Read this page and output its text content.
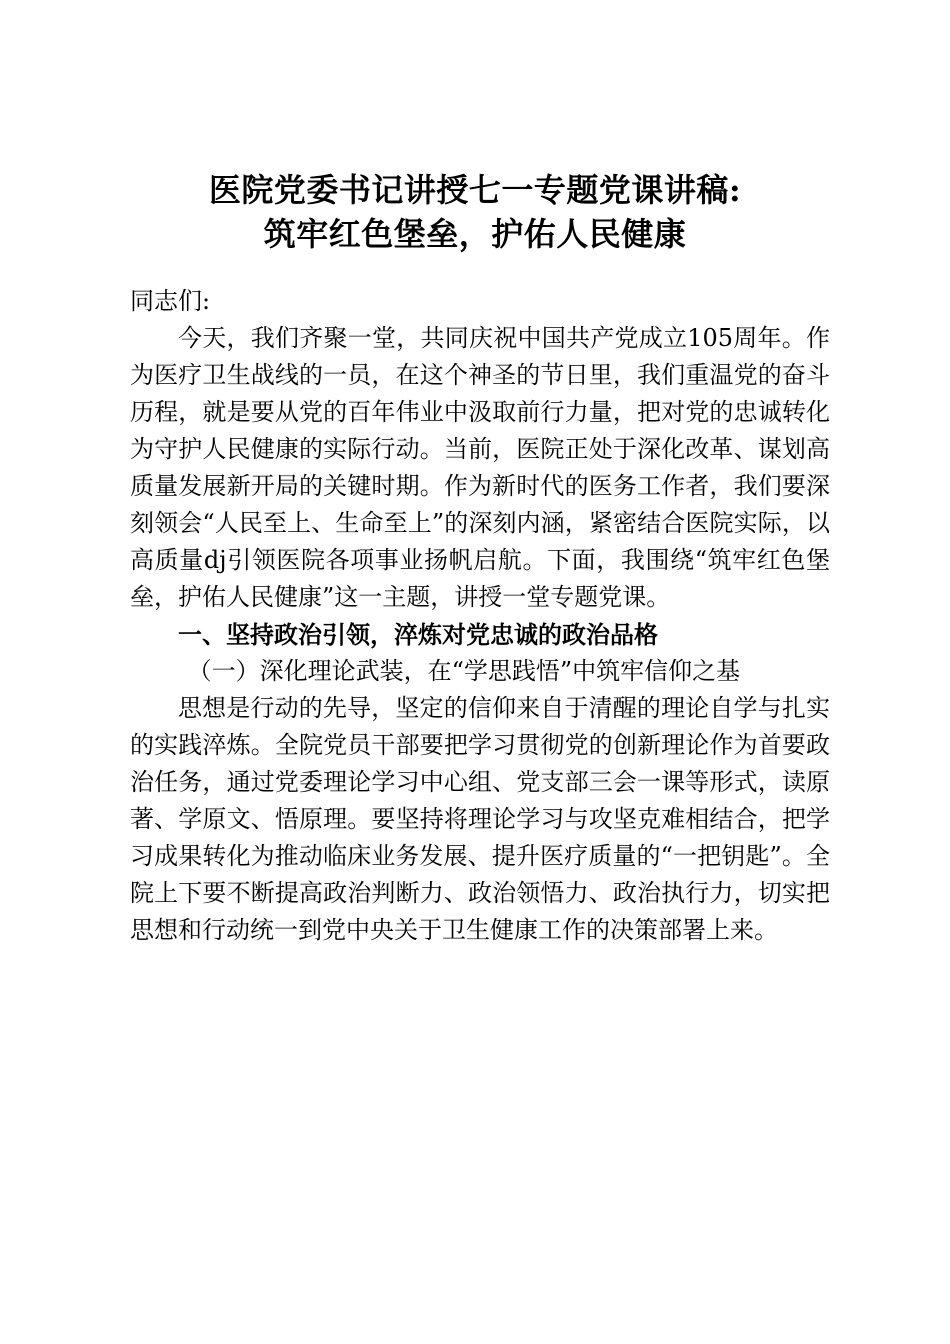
医院党委书记讲授七一专题党课讲稿:
筑牢红色堡垒，护佑人民健康

同志们:

今天，我们齐聚一堂，共同庆祝中国共产党成立105周年。作为医疗卫生战线的一员，在这个神圣的节日里，我们重温党的奋斗历程，就是要从党的百年伟业中汲取前行力量，把对党的忠诚转化为守护人民健康的实际行动。当前，医院正处于深化改革、谋划高质量发展新开局的关键时期。作为新时代的医务工作者，我们要深刻领会“人民至上、生命至上”的深刻内涵，紧密结合医院实际，以高质量dj引领医院各项事业扬帆启航。下面，我围绕“筑牢红色堡垒，护佑人民健康”这一主题，讲授一堂专题党课。

一、坚持政治引领，淬炼对党忠诚的政治品格

（一）深化理论武装，在“学思践悟”中筑牢信仰之基

思想是行动的先导，坚定的信仰来自于清醒的理论自学与扎实的实践淬炼。全院党员干部要把学习贯彻党的创新理论作为首要政治任务，通过党委理论学习中心组、党支部三会一课等形式，读原著、学原文、悟原理。要坚持将理论学习与攻坚克难相结合，把学习成果转化为推动临床业务发展、提升医疗质量的“一把钥匙”。全院上下要不断提高政治判断力、政治领悟力、政治执行力，切实把思想和行动统一到党中央关于卫生健康工作的决策部署上来。
